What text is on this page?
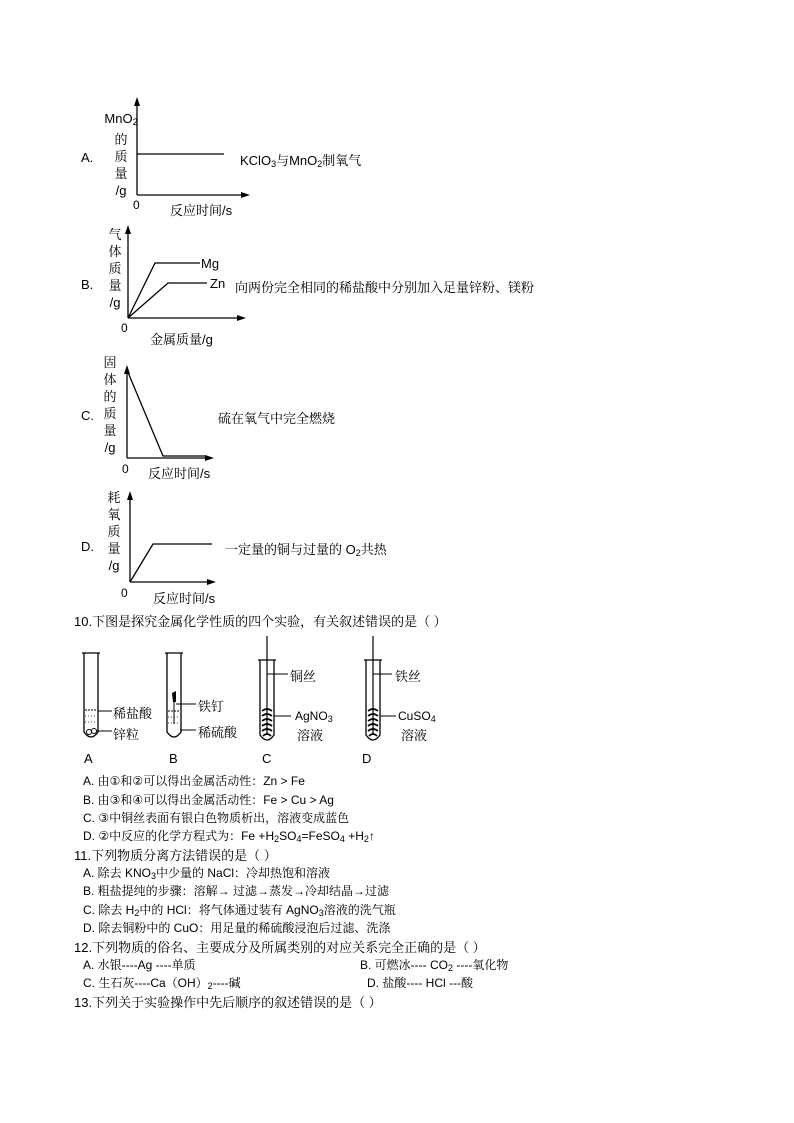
A.
MnO$_2$
的
质
量
/g
0 反应时间/s
KClO$_3$与MnO$_2$制氧气
B.
气
体
质
量
/g
Mg
Zn
0
金属质量/g
向两份完全相同的稀盐酸中分别加入足量锌粉、镁粉
C.
固
体
的
质
量
/g
0 反应时间/s
硫在氧气中完全燃烧
D.
耗
氧
质
量
/g
0 反应时间/s
一定量的铜与过量的 $O_2$共热
10.下图是探究金属化学性质的四个实验，有关叙述错误的是（ ）
稀盐酸
锌粒
A
铁钉
稀硫酸
B
铜丝
AgNO$_3$
溶液
C
铁丝
CuSO$_4$
溶液
D
A. 由①和②可以得出金属活动性：Zn > Fe
B. 由③和④可以得出金属活动性：Fe > Cu > Ag
C. ③中铜丝表面有银白色物质析出，溶液变成蓝色
D. ②中反应的化学方程式为：$Fe +H_2SO_4=FeSO_4$ $+H_2↑$
11.下列物质分离方法错误的是（ ）
A. 除去 $KNO_3$中少量的 NaCl：冷却热饱和溶液
B. 粗盐提纯的步骤：溶解→ 过滤→蒸发→冷却结晶→过滤
C. 除去 $H_2$中的 HCl：将气体通过装有 AgNO$_3$溶液的洗气瓶
D. 除去铜粉中的 CuO：用足量的稀硫酸浸泡后过滤、洗涤
12.下列物质的俗名、主要成分及所属类别的对应关系完全正确的是（ ）
A. 水银----Ag ----单质	B. 可燃冰---- $CO_2$ ----氧化物
C. 生石灰$----Ca(OH)_2----$碱	D. 盐酸---- HCl ---酸
13.下列关于实验操作中先后顺序的叙述错误的是（ ）
